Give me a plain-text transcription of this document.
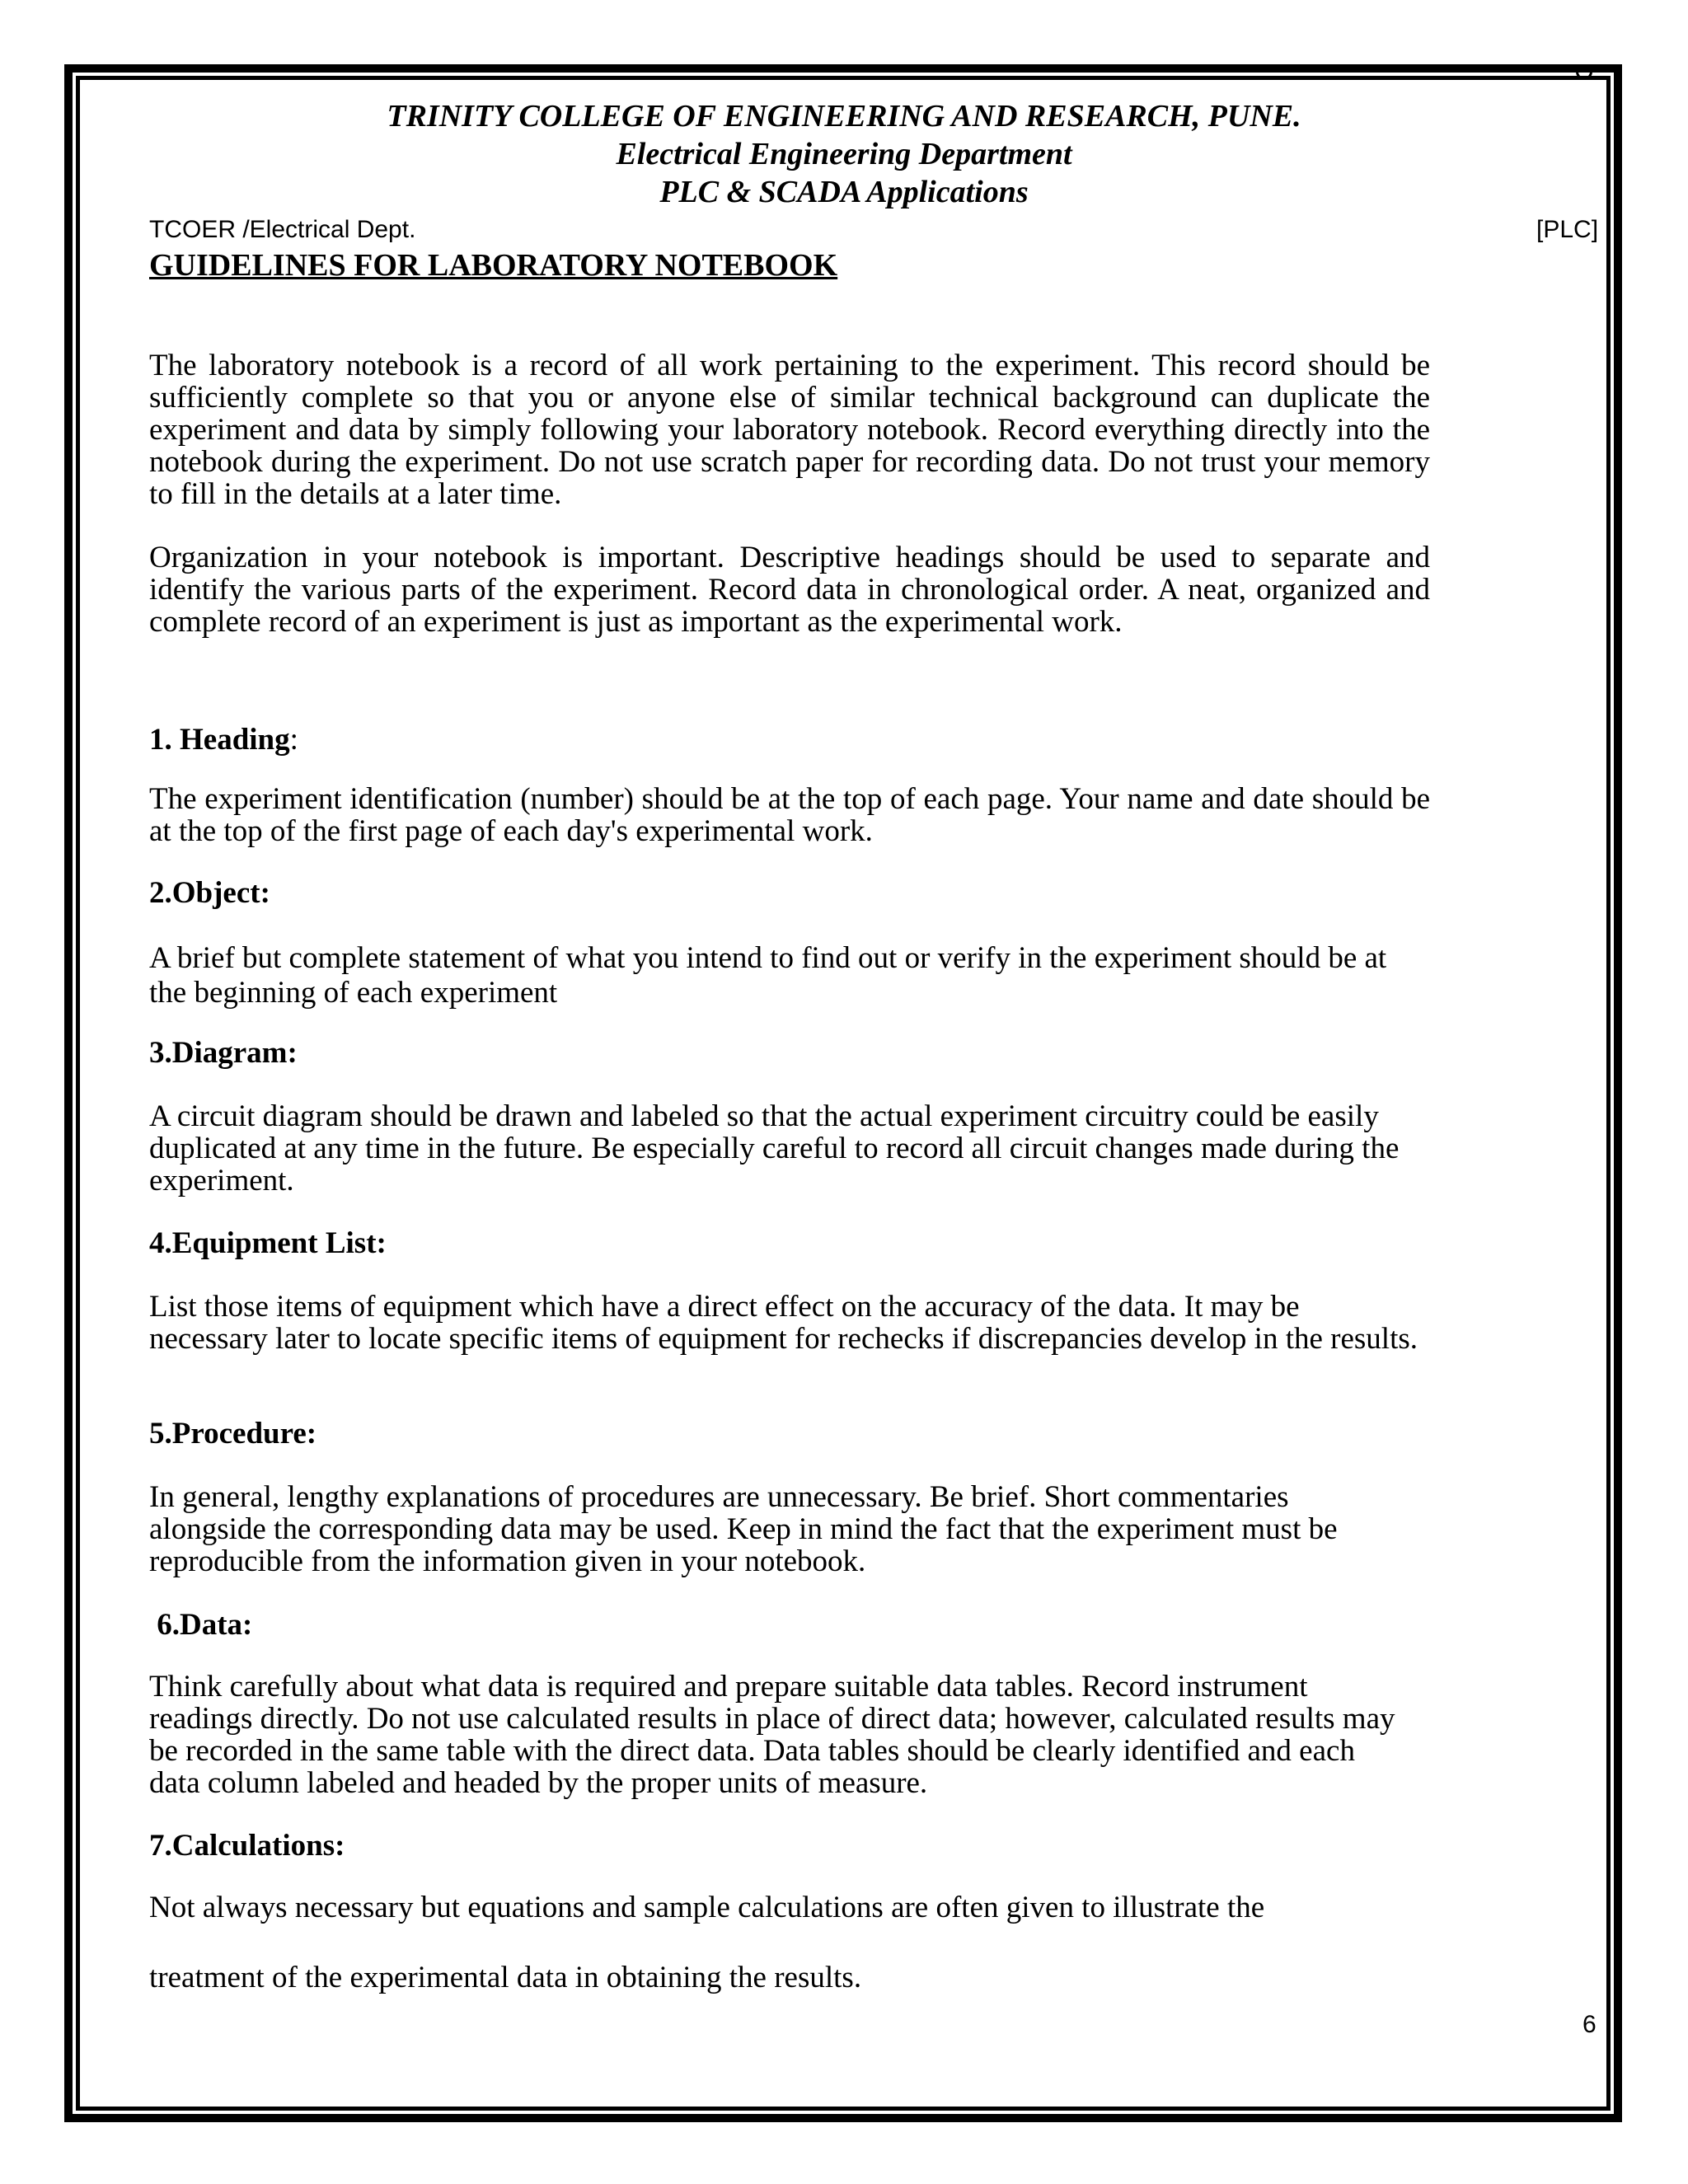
TRINITY COLLEGE OF ENGINEERING AND RESEARCH, PUNE.
Electrical Engineering Department
PLC & SCADA Applications
TCOER /Electrical Dept.	[PLC]
GUIDELINES FOR LABORATORY NOTEBOOK
The laboratory notebook is a record of all work pertaining to the experiment. This record should be sufficiently complete so that you or anyone else of similar technical background can duplicate the experiment and data by simply following your laboratory notebook. Record everything directly into the notebook during the experiment. Do not use scratch paper for recording data. Do not trust your memory to fill in the details at a later time.
Organization in your notebook is important. Descriptive headings should be used to separate and identify the various parts of the experiment. Record data in chronological order. A neat, organized and complete record of an experiment is just as important as the experimental work.
1. Heading:
The experiment identification (number) should be at the top of each page. Your name and date should be at the top of the first page of each day's experimental work.
2.Object:
A brief but complete statement of what you intend to find out or verify in the experiment should be at the beginning of each experiment
3.Diagram:
A circuit diagram should be drawn and labeled so that the actual experiment circuitry could be easily duplicated at any time in the future. Be especially careful to record all circuit changes made during the experiment.
4.Equipment List:
List those items of equipment which have a direct effect on the accuracy of the data. It may be necessary later to locate specific items of equipment for rechecks if discrepancies develop in the results.
5.Procedure:
In general, lengthy explanations of procedures are unnecessary. Be brief. Short commentaries alongside the corresponding data may be used. Keep in mind the fact that the experiment must be reproducible from the information given in your notebook.
6.Data:
Think carefully about what data is required and prepare suitable data tables. Record instrument readings directly. Do not use calculated results in place of direct data; however, calculated results may be recorded in the same table with the direct data. Data tables should be clearly identified and each data column labeled and headed by the proper units of measure.
7.Calculations:
Not always necessary but equations and sample calculations are often given to illustrate the
treatment of the experimental data in obtaining the results.
6
